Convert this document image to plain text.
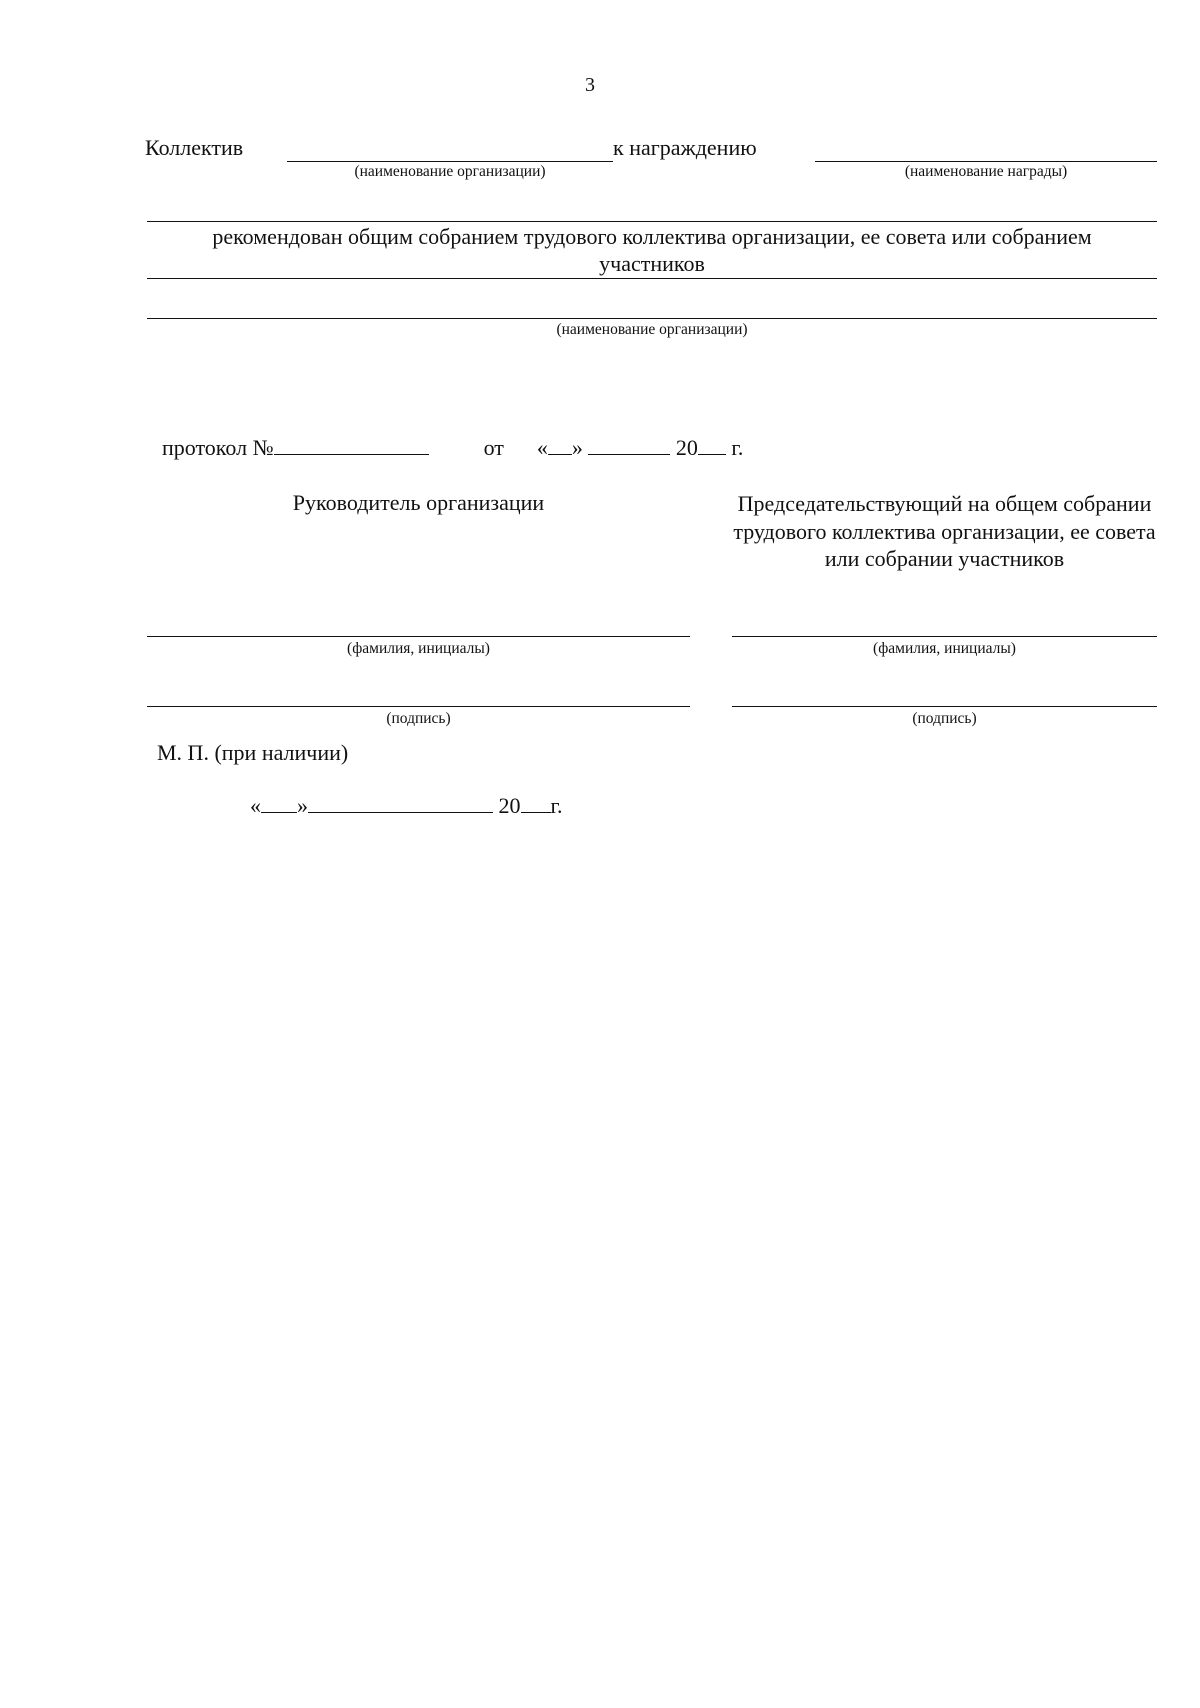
3
Коллектив	к награждению
(наименование организации)	(наименование награды)
рекомендован общим собранием трудового коллектива организации, ее совета или собранием
участников
(наименование организации)
протокол №	от « »	20 г.
Руководитель организации	Председательствующий на общем собрании трудового коллектива организации, ее совета или собрании участников
(фамилия, инициалы)	(фамилия, инициалы)
(подпись)	(подпись)
М. П. (при наличии)
« »	20 г.
